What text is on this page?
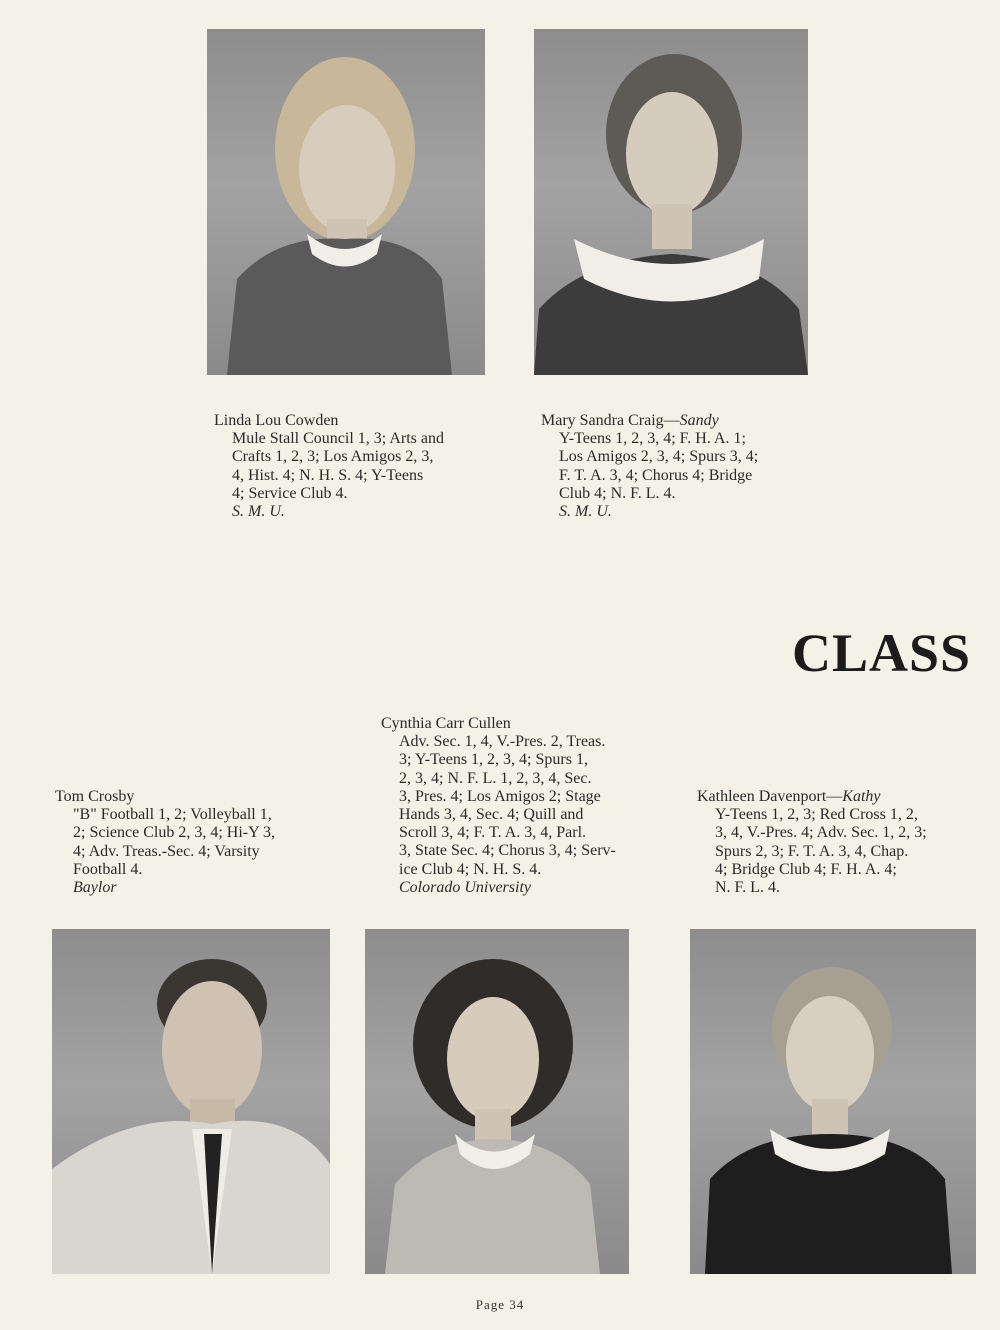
Linda Lou Cowden
Mule Stall Council 1, 3; Arts and
Crafts 1, 2, 3; Los Amigos 2, 3,
4, Hist. 4; N. H. S. 4; Y-Teens
4; Service Club 4.
S. M. U.
Mary Sandra Craig—Sandy
Y-Teens 1, 2, 3, 4; F. H. A. 1;
Los Amigos 2, 3, 4; Spurs 3, 4;
F. T. A. 3, 4; Chorus 4; Bridge
Club 4; N. F. L. 4.
S. M. U.
CLASS
Tom Crosby
"B" Football 1, 2; Volleyball 1,
2; Science Club 2, 3, 4; Hi-Y 3,
4; Adv. Treas.-Sec. 4; Varsity
Football 4.
Baylor
Cynthia Carr Cullen
Adv. Sec. 1, 4, V.-Pres. 2, Treas.
3; Y-Teens 1, 2, 3, 4; Spurs 1,
2, 3, 4; N. F. L. 1, 2, 3, 4, Sec.
3, Pres. 4; Los Amigos 2; Stage
Hands 3, 4, Sec. 4; Quill and
Scroll 3, 4; F. T. A. 3, 4, Parl.
3, State Sec. 4; Chorus 3, 4; Serv-
ice Club 4; N. H. S. 4.
Colorado University
Kathleen Davenport—Kathy
Y-Teens 1, 2, 3; Red Cross 1, 2,
3, 4, V.-Pres. 4; Adv. Sec. 1, 2, 3;
Spurs 2, 3; F. T. A. 3, 4, Chap.
4; Bridge Club 4; F. H. A. 4;
N. F. L. 4.
Page 34
